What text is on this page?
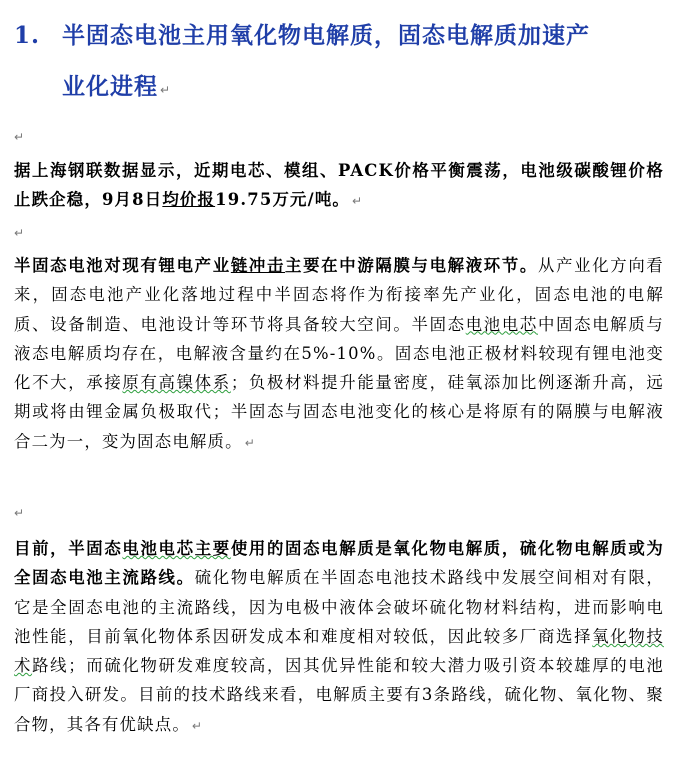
1. 半固态电池主用氧化物电解质，固态电解质加速产
业化进程 ↵
↵
据上海钢联数据显示，近期电芯、模组、PACK价格平衡震荡，电池级碳酸锂价格止跌企稳，9月8日均价报19.75万元/吨。 ↵
↵
半固态电池对现有锂电产业链冲击主要在中游隔膜与电解液环节。从产业化方向看来，固态电池产业化落地过程中半固态将作为衔接率先产业化，固态电池的电解质、设备制造、电池设计等环节将具备较大空间。半固态电池电芯中固态电解质与液态电解质均存在，电解液含量约在5%-10%。固态电池正极材料较现有锂电池变化不大，承接原有高镍体系；负极材料提升能量密度，硅氧添加比例逐渐升高，远期或将由锂金属负极取代；半固态与固态电池变化的核心是将原有的隔膜与电解液合二为一，变为固态电解质。 ↵
↵
目前，半固态电池电芯主要使用的固态电解质是氧化物电解质，硫化物电解质或为全固态电池主流路线。硫化物电解质在半固态电池技术路线中发展空间相对有限，它是全固态电池的主流路线，因为电极中液体会破坏硫化物材料结构，进而影响电池性能，目前氧化物体系因研发成本和难度相对较低，因此较多厂商选择氧化物技术路线；而硫化物研发难度较高，因其优异性能和较大潜力吸引资本较雄厚的电池厂商投入研发。目前的技术路线来看，电解质主要有3条路线，硫化物、氧化物、聚合物，其各有优缺点。 ↵
